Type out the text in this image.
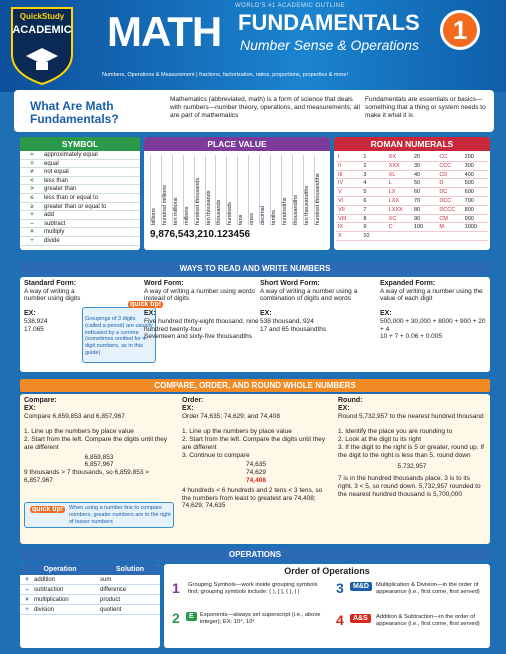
QuickStudy
ACADEMIC
WORLD'S #1 ACADEMIC OUTLINE
MATH FUNDAMENTALS
Number Sense & Operations	1
Numbers, Operations & Measurement | fractions, factorization, ratios, proportions, properties & more!
What Are Math Fundamentals?
Mathematics (abbreviated, math) is a form of science that deals with numbers—number theory, operations, and measurements; all are part of mathematics
Fundamentals are essentials or basics—something that a thing or system needs to make it what it is
SYMBOL
≈	approximately equal
=	equal
≠	not equal
<	less than
>	greater than
≤	less than or equal to
≥	greater than or equal to
+	add
–	subtract
×	multiply
÷	divide
PLACE VALUE
billions hundred millions ten millions millions hundred thousands ten thousands thousands hundreds tens ones decimal tenths hundredths thousandths ten thousandths hundred thousandths
9,876,543,210.123456
ROMAN NUMERALS
I	1	XX	20	CC	200
II	2	XXX	30	CCC	300
III	3	XL	40	CD	400
IV	4	L	50	D	500
V	5	LX	60	DC	600
VI	6	LXX	70	DCC	700
VII	7	LXXX	80	DCCC	800
VIII	8	XC	90	CM	900
IX	9	C	100	M	1000
X	10
WAYS TO READ AND WRITE NUMBERS
Standard Form:
A way of writing a number using digits

EX:
538,924
17.065
Groupings of 3 digits (called a period) are usually indicated by a comma (sometimes omitted for 4-digit numbers, as in this guide)
quick tip!
Word Form:
A way of writing a number using words instead of digits

EX:
Five hundred thirty-eight thousand, nine hundred twenty-four
Seventeen and sixty-five thousandths
Short Word Form:
A way of writing a number using a combination of digits and words

EX:
538 thousand, 924
17 and 65 thousandths
Expanded Form:
A way of writing a number using the value of each digit

EX:
500,000 + 30,000 + 8000 + 900 + 20 + 4
10 + 7 + 0.06 + 0.005
COMPARE, ORDER, AND ROUND WHOLE NUMBERS
Compare:
EX:
Compare 6,859,853 and 6,857,967

1. Line up the numbers by place value
2. Start from the left. Compare the digits until they are different

6,859,853
6,857,967
9 thousands > 7 thousands, so 6,859,853 > 6,857,967
When using a number line to compare numbers, greater numbers are to the right of lesser numbers
quick tip!
Order:
EX:
Order 74,635; 74,629; and 74,408

1. Line up the numbers by place value
2. Start from the left. Compare the digits until they are different
3. Continue to compare

74,635
74,629
74,408
4 hundreds < 6 hundreds and 2 tens < 3 tens, so the numbers from least to greatest are 74,408; 74,629; 74,635
Round:
EX:
Round 5,732,957 to the nearest hundred thousand

1. Identify the place you are rounding to
2. Look at the digit to its right
3. If the digit to the right is 5 or greater, round up. If the digit to the right is less than 5, round down

5,732,957
7 is in the hundred thousands place. 3 is to its right. 3 < 5, so round down. 5,732,957 rounded to the nearest hundred thousand is 5,700,000
OPERATIONS
Operation	Solution
+ addition	sum
– subtraction	difference
× multiplication	product
÷ division	quotient
Order of Operations
1 Grouping Symbols—work inside grouping symbols first; grouping symbols include: ( ), [ ], { }, | |
2	E	Exponents—always set superscript (i.e., above integer); EX: 10⁴, 10³
3	M&D	Multiplication & Division—in the order of appearance (i.e., first come, first served)
4	A&S	Addition & Subtraction—in the order of appearance (i.e., first come, first served)
